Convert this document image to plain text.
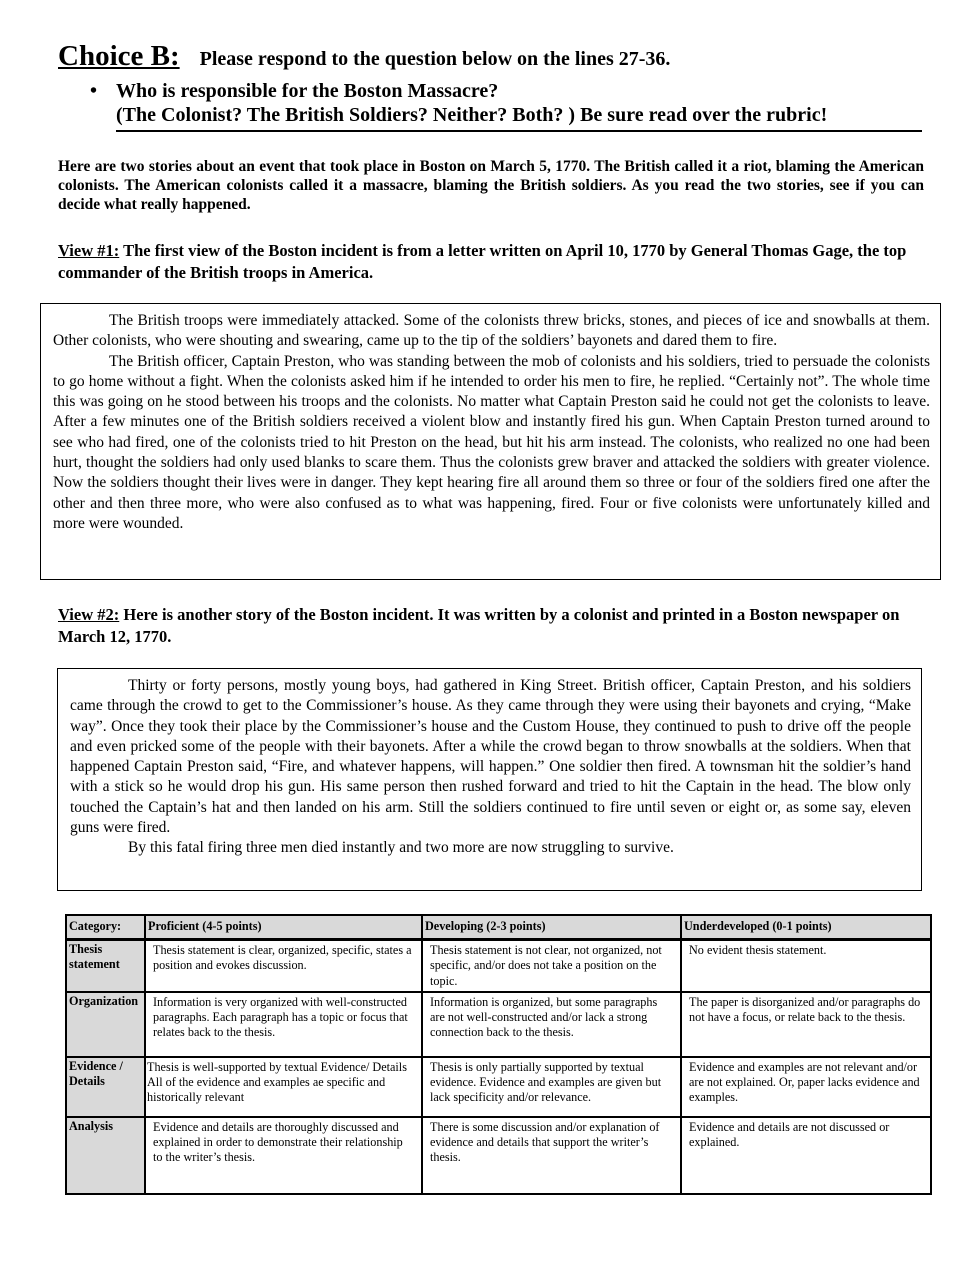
Choice B: Please respond to the question below on the lines 27-36.
• Who is responsible for the Boston Massacre?
(The Colonist? The British Soldiers? Neither? Both? ) Be sure read over the rubric!
Here are two stories about an event that took place in Boston on March 5, 1770. The British called it a riot, blaming the American colonists. The American colonists called it a massacre, blaming the British soldiers. As you read the two stories, see if you can decide what really happened.
View #1: The first view of the Boston incident is from a letter written on April 10, 1770 by General Thomas Gage, the top commander of the British troops in America.

The British troops were immediately attacked. Some of the colonists threw bricks, stones, and pieces of ice and snowballs at them. Other colonists, who were shouting and swearing, came up to the tip of the soldiers’ bayonets and dared them to fire.

The British officer, Captain Preston, who was standing between the mob of colonists and his soldiers, tried to persuade the colonists to go home without a fight. When the colonists asked him if he intended to order his men to fire, he replied. “Certainly not”. The whole time this was going on he stood between his troops and the colonists. No matter what Captain Preston said he could not get the colonists to leave. After a few minutes one of the British soldiers received a violent blow and instantly fired his gun. When Captain Preston turned around to see who had fired, one of the colonists tried to hit Preston on the head, but hit his arm instead. The colonists, who realized no one had been hurt, thought the soldiers had only used blanks to scare them. Thus the colonists grew braver and attacked the soldiers with greater violence. Now the soldiers thought their lives were in danger. They kept hearing fire all around them so three or four of the soldiers fired one after the other and then three more, who were also confused as to what was happening, fired. Four or five colonists were unfortunately killed and more were wounded.

View #2: Here is another story of the Boston incident. It was written by a colonist and printed in a Boston newspaper on March 12, 1770.

Thirty or forty persons, mostly young boys, had gathered in King Street. British officer, Captain Preston, and his soldiers came through the crowd to get to the Commissioner’s house. As they came through they were using their bayonets and crying, “Make way”. Once they took their place by the Commissioner’s house and the Custom House, they continued to push to drive off the people and even pricked some of the people with their bayonets. After a while the crowd began to throw snowballs at the soldiers. When that happened Captain Preston said, “Fire, and whatever happens, will happen.” One soldier then fired. A townsman hit the soldier’s hand with a stick so he would drop his gun. His same person then rushed forward and tried to hit the Captain in the head. The blow only touched the Captain’s hat and then landed on his arm. Still the soldiers continued to fire until seven or eight or, as some say, eleven guns were fired.

By this fatal firing three men died instantly and two more are now struggling to survive.

Category:	Proficient (4-5 points)	Developing (2-3 points)	Underdeveloped (0-1 points)
Thesis statement	Thesis statement is clear, organized, specific, states a position and evokes discussion.	Thesis statement is not clear, not organized, not specific, and/or does not take a position on the topic.	No evident thesis statement.
Organization	Information is very organized with well-constructed paragraphs. Each paragraph has a topic or focus that relates back to the thesis.	Information is organized, but some paragraphs are not well-constructed and/or lack a strong connection back to the thesis.	The paper is disorganized and/or paragraphs do not have a focus, or relate back to the thesis.
Evidence / Details	Thesis is well-supported by textual Evidence/ Details All of the evidence and examples ae specific and historically relevant	Thesis is only partially supported by textual evidence. Evidence and examples are given but lack specificity and/or relevance.	Evidence and examples are not relevant and/or are not explained. Or, paper lacks evidence and examples.
Analysis	Evidence and details are thoroughly discussed and explained in order to demonstrate their relationship to the writer’s thesis.	There is some discussion and/or explanation of evidence and details that support the writer’s thesis.	Evidence and details are not discussed or explained.
